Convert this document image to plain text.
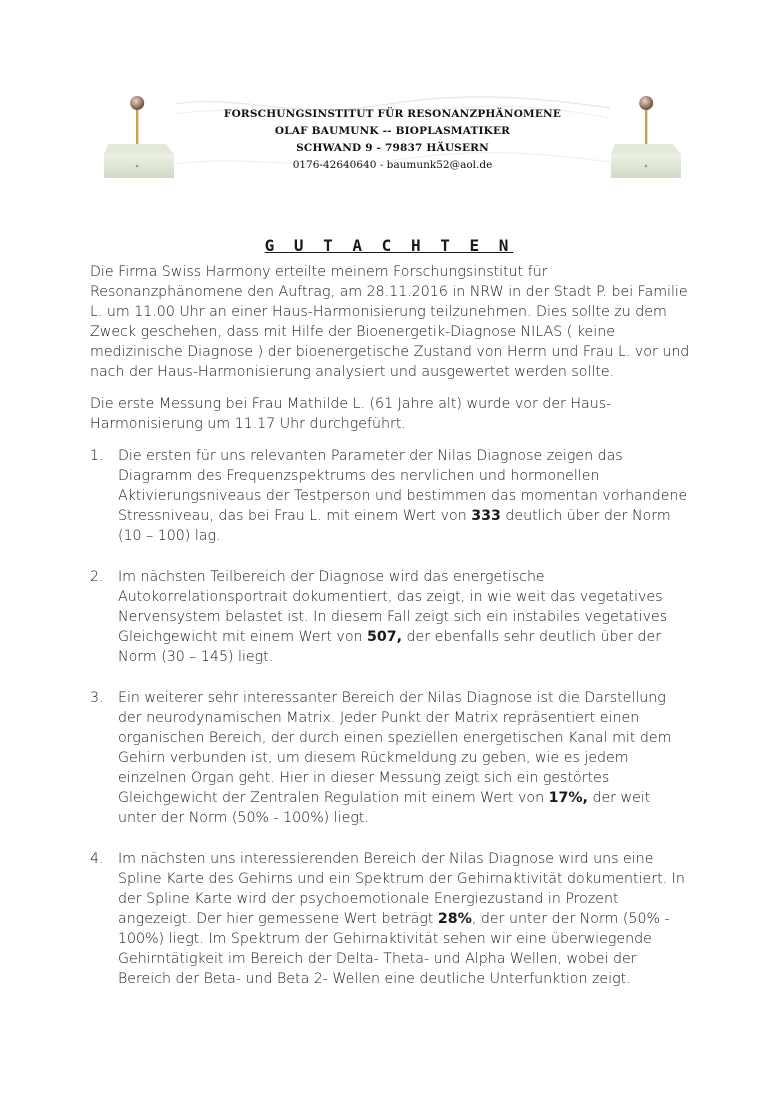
FORSCHUNGSINSTITUT FÜR RESONANZPHÄNOMENE
OLAF BAUMUNK -- BIOPLASMATIKER
SCHWAND 9 - 79837 HÄUSERN
0176-42640640 - baumunk52@aol.de
G U T A C H T E N

Die Firma Swiss Harmony erteilte meinem Forschungsinstitut für Resonanzphänomene den Auftrag, am 28.11.2016 in NRW in der Stadt P. bei Familie L. um 11.00 Uhr an einer Haus-Harmonisierung teilzunehmen. Dies sollte zu dem Zweck geschehen, dass mit Hilfe der Bioenergetik-Diagnose NILAS ( keine medizinische Diagnose ) der bioenergetische Zustand von Herrn und Frau L. vor und nach der Haus-Harmonisierung analysiert und ausgewertet werden sollte.

Die erste Messung bei Frau Mathilde L. (61 Jahre alt) wurde vor der Haus-Harmonisierung um 11.17 Uhr durchgeführt.

1. Die ersten für uns relevanten Parameter der Nilas Diagnose zeigen das Diagramm des Frequenzspektrums des nervlichen und hormonellen Aktivierungsniveaus der Testperson und bestimmen das momentan vorhandene Stressniveau, das bei Frau L. mit einem Wert von 333 deutlich über der Norm (10 – 100) lag.
2. Im nächsten Teilbereich der Diagnose wird das energetische Autokorrelationsportrait dokumentiert, das zeigt, in wie weit das vegetatives Nervensystem belastet ist. In diesem Fall zeigt sich ein instabiles vegetatives Gleichgewicht mit einem Wert von 507, der ebenfalls sehr deutlich über der Norm (30 – 145) liegt.
3. Ein weiterer sehr interessanter Bereich der Nilas Diagnose ist die Darstellung der neurodynamischen Matrix. Jeder Punkt der Matrix repräsentiert einen organischen Bereich, der durch einen speziellen energetischen Kanal mit dem Gehirn verbunden ist, um diesem Rückmeldung zu geben, wie es jedem einzelnen Organ geht. Hier in dieser Messung zeigt sich ein gestörtes Gleichgewicht der Zentralen Regulation mit einem Wert von 17%, der weit unter der Norm (50% - 100%) liegt.
4. Im nächsten uns interessierenden Bereich der Nilas Diagnose wird uns eine Spline Karte des Gehirns und ein Spektrum der Gehirnaktivität dokumentiert. In der Spline Karte wird der psychoemotionale Energiezustand in Prozent angezeigt. Der hier gemessene Wert beträgt 28%, der unter der Norm (50% - 100%) liegt. Im Spektrum der Gehirnaktivität sehen wir eine überwiegende Gehirntätigkeit im Bereich der Delta- Theta- und Alpha Wellen, wobei der Bereich der Beta- und Beta 2- Wellen eine deutliche Unterfunktion zeigt.
